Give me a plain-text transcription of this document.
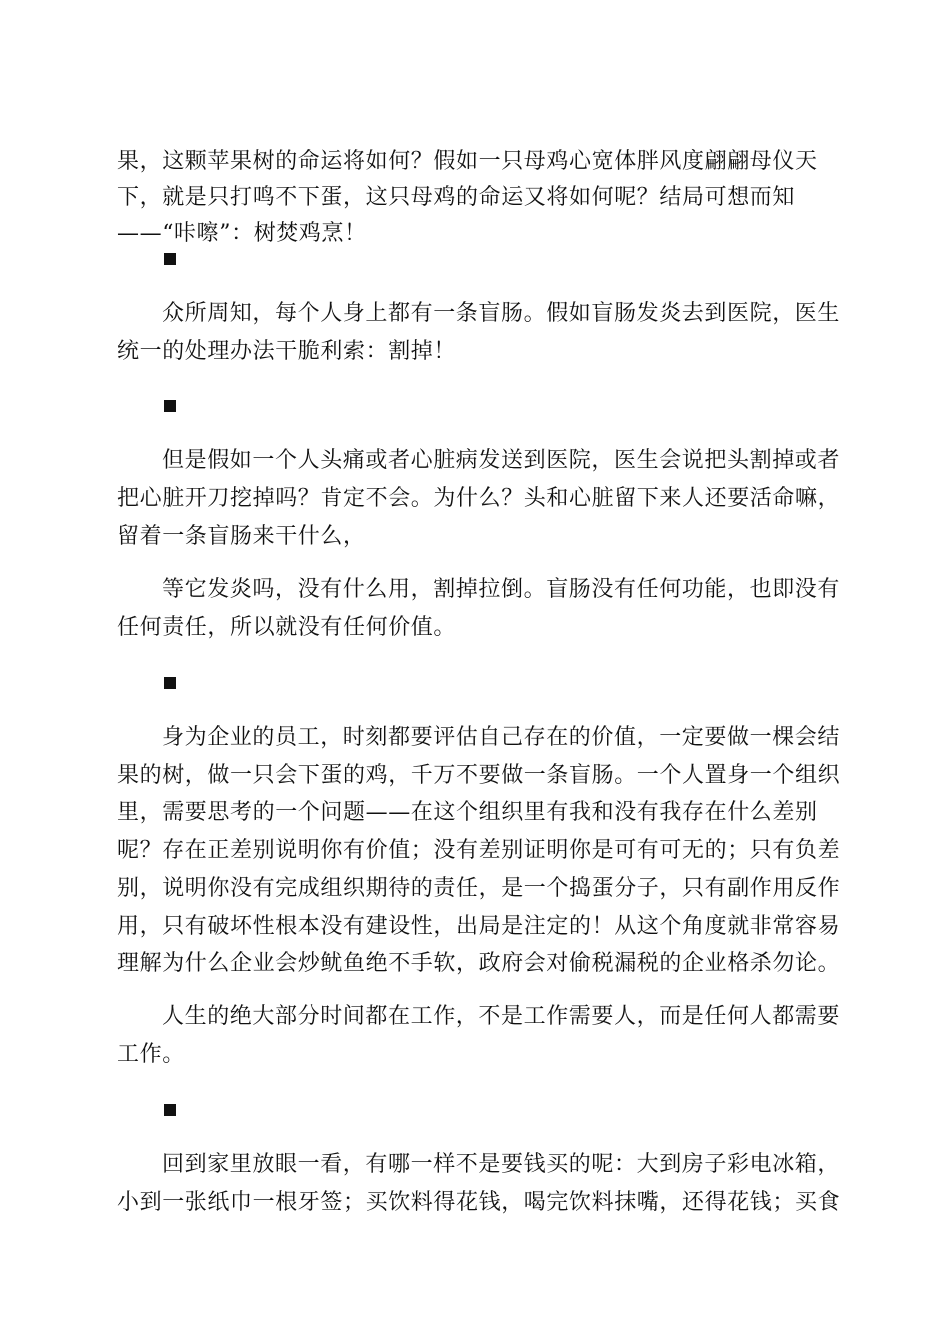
果，这颗苹果树的命运将如何？假如一只母鸡心宽体胖风度翩翩母仪天
下，就是只打鸣不下蛋，这只母鸡的命运又将如何呢？结局可想而知
——“咔嚓”：树焚鸡烹！
众所周知，每个人身上都有一条盲肠。假如盲肠发炎去到医院，医生
统一的处理办法干脆利索：割掉！
但是假如一个人头痛或者心脏病发送到医院，医生会说把头割掉或者
把心脏开刀挖掉吗？肯定不会。为什么？头和心脏留下来人还要活命嘛，
留着一条盲肠来干什么，
等它发炎吗，没有什么用，割掉拉倒。盲肠没有任何功能，也即没有
任何责任，所以就没有任何价值。
身为企业的员工，时刻都要评估自己存在的价值，一定要做一棵会结
果的树，做一只会下蛋的鸡，千万不要做一条盲肠。一个人置身一个组织
里，需要思考的一个问题——在这个组织里有我和没有我存在什么差别
呢？存在正差别说明你有价值；没有差别证明你是可有可无的；只有负差
别，说明你没有完成组织期待的责任，是一个捣蛋分子，只有副作用反作
用，只有破坏性根本没有建设性，出局是注定的！从这个角度就非常容易
理解为什么企业会炒鱿鱼绝不手软，政府会对偷税漏税的企业格杀勿论。
人生的绝大部分时间都在工作，不是工作需要人，而是任何人都需要
工作。
回到家里放眼一看，有哪一样不是要钱买的呢：大到房子彩电冰箱，
小到一张纸巾一根牙签；买饮料得花钱，喝完饮料抹嘴，还得花钱；买食
